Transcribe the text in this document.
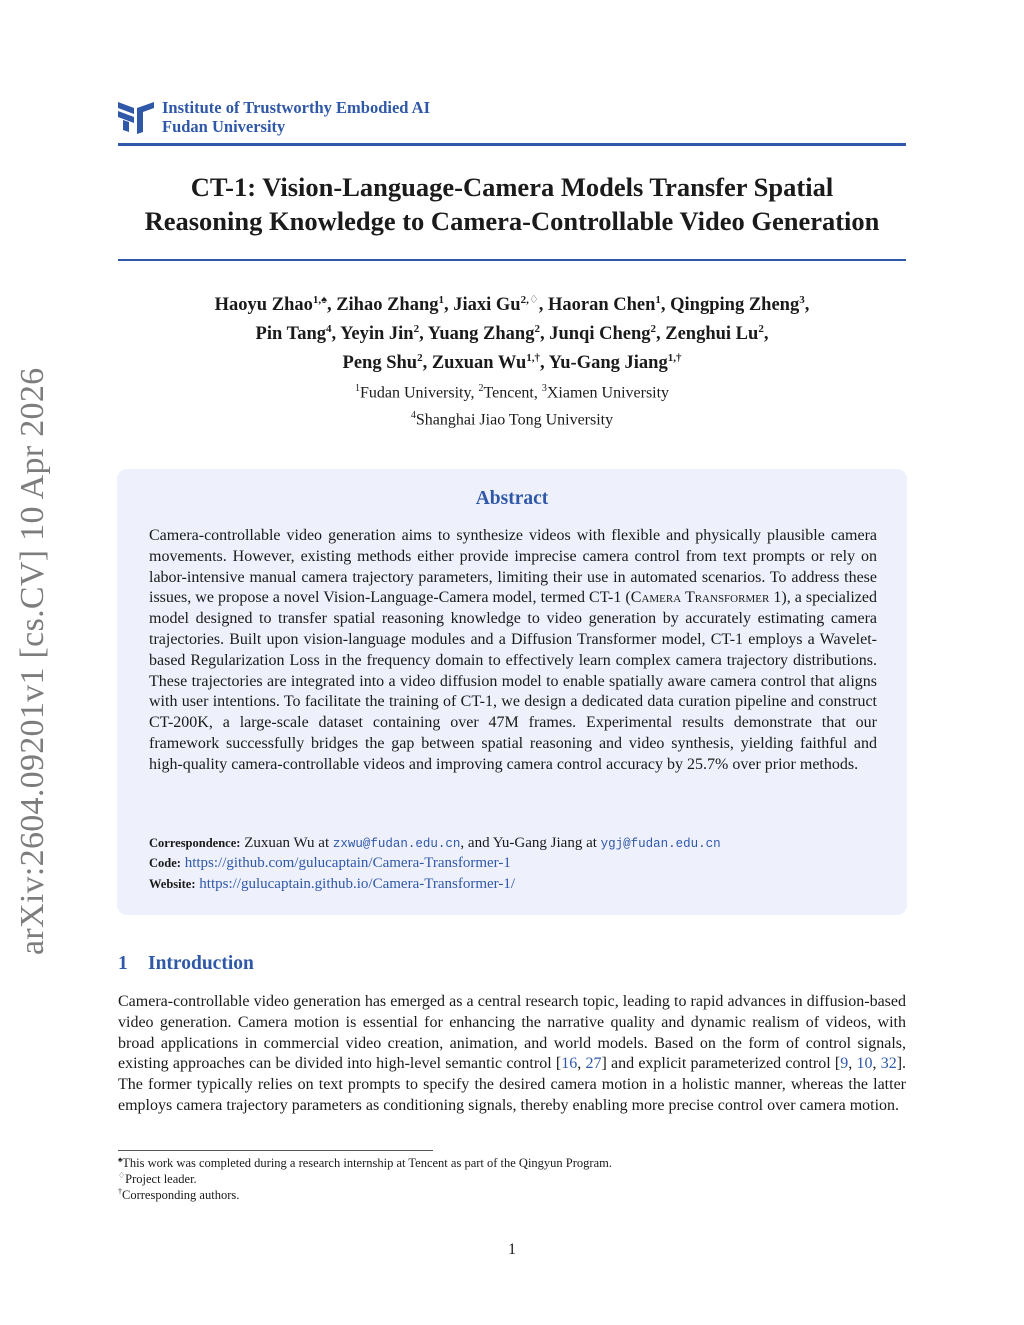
Institute of Trustworthy Embodied AI
Fudan University
arXiv:2604.09201v1 [cs.CV] 10 Apr 2026
CT-1: Vision-Language-Camera Models Transfer Spatial
Reasoning Knowledge to Camera-Controllable Video Generation
Haoyu Zhao$^{1,♠}$, Zihao Zhang$^1$, Jiaxi $Gu^{2,♢}$, Haoran Chen$^1$, Qingping Zheng$^3$,
Pin Tang$^4$, Yeyin Jin$^2$, Yuang Zhang$^2$, Junqi Cheng$^2$, Zenghui Lu$^2$,
Peng Shu$^2$, Zuxuan $Wu^{1,\dagger}$, Yu-Gang Jiang$^{1,\dagger}$
$^1$Fudan University, $^2$Tencent, $^3$Xiamen University
$^4$Shanghai Jiao Tong University
Abstract
Camera-controllable video generation aims to synthesize videos with flexible and physically plausible camera movements. However, existing methods either provide imprecise camera control from text prompts or rely on labor-intensive manual camera trajectory parameters, limiting their use in automated scenarios. To address these issues, we propose a novel Vision-Language-Camera model, termed CT-1 (Camera Transformer 1), a specialized model designed to transfer spatial reasoning knowledge to video generation by accurately estimating camera trajectories. Built upon vision-language modules and a Diffusion Transformer model, CT-1 employs a Wavelet-based Regularization Loss in the frequency domain to effectively learn complex camera trajectory distributions. These trajectories are integrated into a video diffusion model to enable spatially aware camera control that aligns with user intentions. To facilitate the training of CT-1, we design a dedicated data curation pipeline and construct CT-200K, a large-scale dataset containing over 47M frames. Experimental results demonstrate that our framework successfully bridges the gap between spatial reasoning and video synthesis, yielding faithful and high-quality camera-controllable videos and improving camera control accuracy by 25.7% over prior methods.
Correspondence: Zuxuan Wu at zxwu@fudan.edu.cn, and Yu-Gang Jiang at ygj@fudan.edu.cn
Code: https://github.com/gulucaptain/Camera-Transformer-1
Website: https://gulucaptain.github.io/Camera-Transformer-1/
1 Introduction
Camera-controllable video generation has emerged as a central research topic, leading to rapid advances in diffusion-based video generation. Camera motion is essential for enhancing the narrative quality and dynamic realism of videos, with broad applications in commercial video creation, animation, and world models. Based on the form of control signals, existing approaches can be divided into high-level semantic control [16, 27] and explicit parameterized control [9, 10, 32]. The former typically relies on text prompts to specify the desired camera motion in a holistic manner, whereas the latter employs camera trajectory parameters as conditioning signals, thereby enabling more precise control over camera motion.
♠This work was completed during a research internship at Tencent as part of the Qingyun Program.
♢Project leader.
†Corresponding authors.
1
